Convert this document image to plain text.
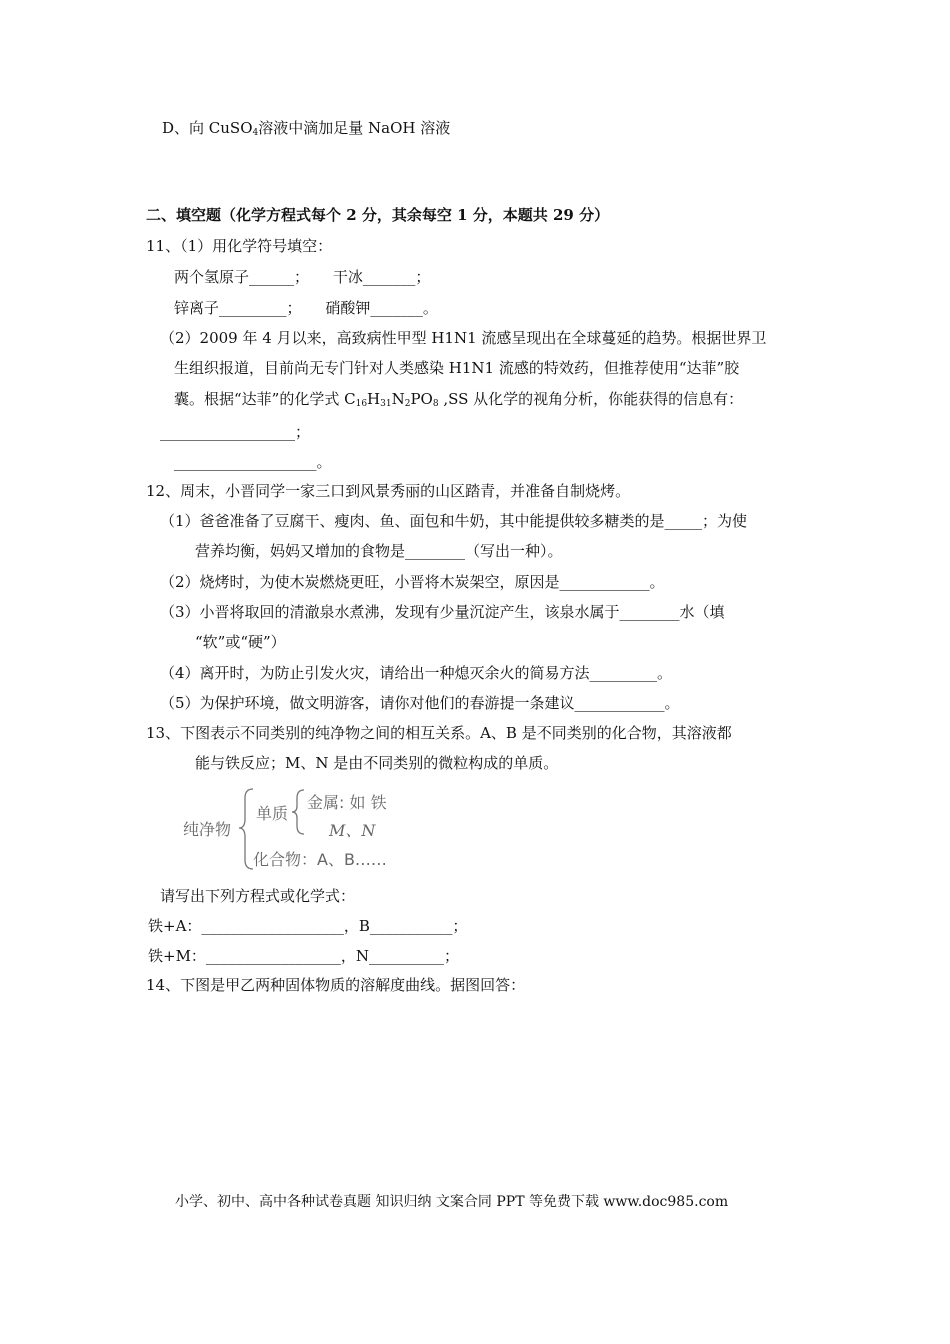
D、向 CuSO$_4$溶液中滴加足量 NaOH 溶液
二、填空题（化学方程式每个 2 分，其余每空 1 分，本题共 29 分）
11、（1）用化学符号填空：
两个氢原子______；     干冰_______；
锌离子_________；     硝酸钾_______。
（2）2009 年 4 月以来，高致病性甲型 H1N1 流感呈现出在全球蔓延的趋势。根据世界卫
生组织报道，目前尚无专门针对人类感染 H1N1 流感的特效药，但推荐使用“达菲”胶
囊。根据“达菲”的化学式 $C_{16}H_{31}N_2PO_8$ ,SS 从化学的视角分析，你能获得的信息有：
__________________；
___________________。
12、周末，小晋同学一家三口到风景秀丽的山区踏青，并准备自制烧烤。
（1）爸爸准备了豆腐干、瘦肉、鱼、面包和牛奶，其中能提供较多糖类的是_____；为使
营养均衡，妈妈又增加的食物是________（写出一种）。
（2）烧烤时，为使木炭燃烧更旺，小晋将木炭架空，原因是____________。
（3）小晋将取回的清澈泉水煮沸，发现有少量沉淀产生，该泉水属于________水（填
“软”或“硬”）
（4）离开时，为防止引发火灾，请给出一种熄灭余火的简易方法_________。
（5）为保护环境，做文明游客，请你对他们的春游提一条建议____________。
13、下图表示不同类别的纯净物之间的相互关系。A、B 是不同类别的化合物，其溶液都
能与铁反应；M、N 是由不同类别的微粒构成的单质。
纯净物
单质
金属: 如 铁
M、N
化合物：A、B……
请写出下列方程式或化学式：
铁+A：___________________，B___________；
铁+M：__________________，N__________；
14、下图是甲乙两种固体物质的溶解度曲线。据图回答：
小学、初中、高中各种试卷真题 知识归纳 文案合同 PPT 等免费下载 www.doc985.com
